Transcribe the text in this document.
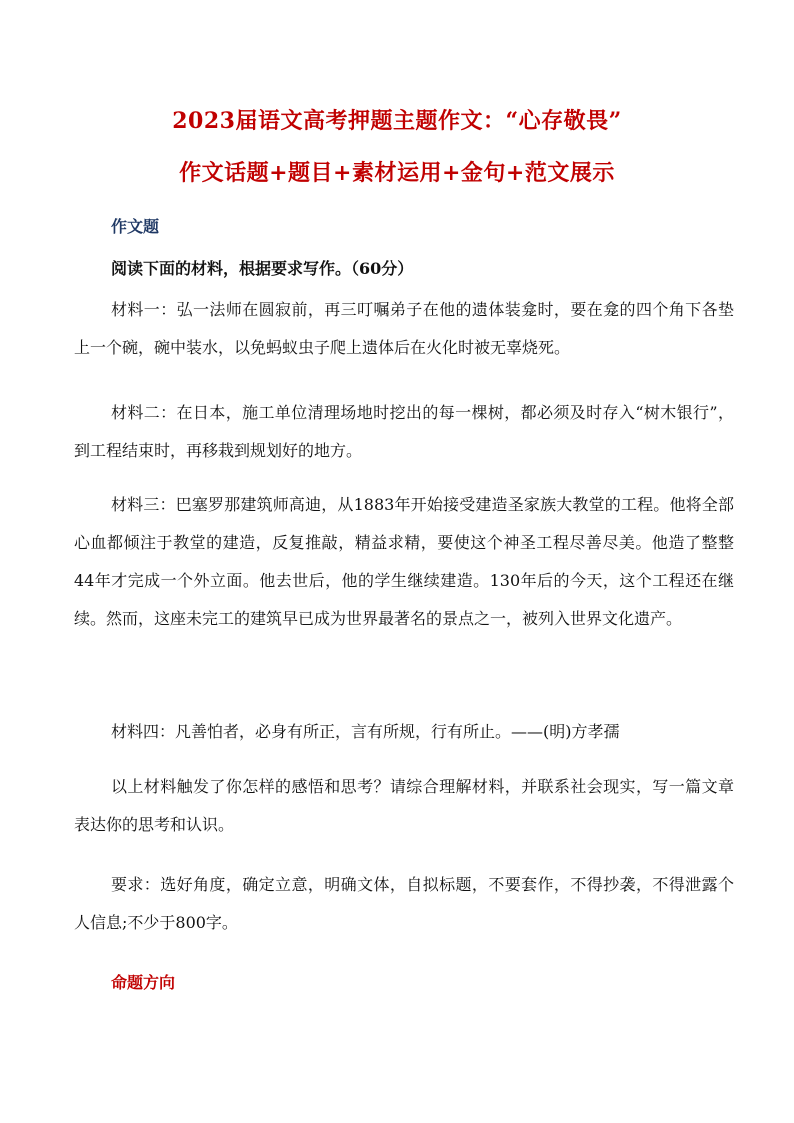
2023届语文高考押题主题作文：“心存敬畏”
作文话题+题目+素材运用+金句+范文展示
作文题
阅读下面的材料，根据要求写作。（60分）
材料一：弘一法师在圆寂前，再三叮嘱弟子在他的遗体装龛时，要在龛的四个角下各垫上一个碗，碗中装水，以免蚂蚁虫子爬上遗体后在火化时被无辜烧死。
材料二：在日本，施工单位清理场地时挖出的每一棵树，都必须及时存入“树木银行”，到工程结束时，再移栽到规划好的地方。
材料三：巴塞罗那建筑师高迪，从1883年开始接受建造圣家族大教堂的工程。他将全部心血都倾注于教堂的建造，反复推敲，精益求精，要使这个神圣工程尽善尽美。他造了整整44年才完成一个外立面。他去世后，他的学生继续建造。130年后的今天，这个工程还在继续。然而，这座未完工的建筑早已成为世界最著名的景点之一，被列入世界文化遗产。
材料四：凡善怕者，必身有所正，言有所规，行有所止。——(明)方孝孺
以上材料触发了你怎样的感悟和思考？请综合理解材料，并联系社会现实，写一篇文章表达你的思考和认识。
要求：选好角度，确定立意，明确文体，自拟标题，不要套作，不得抄袭，不得泄露个人信息;不少于800字。
命题方向
